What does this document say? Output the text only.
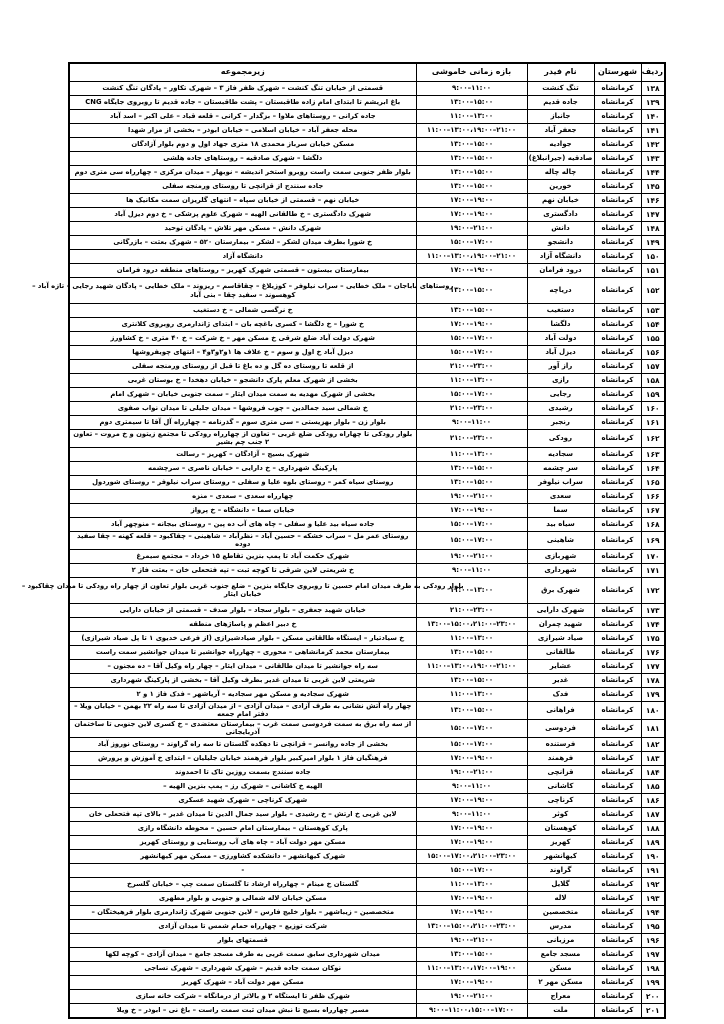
ردیف	شهرستان	نام فیدر	بازه زمانی خاموشی	زیرمجموعه
۱۳۸	کرمانشاه	تنگ کنشت	۹:۰۰–۱۱:۰۰	قسمتی از خیابان تنگ کنشت – شهرک ظفر فاز ۳ – شهرک تکاور – پادگان تنگ کنشت

۱۳۹	کرمانشاه	جاده قدیم	۱۳:۰۰–۱۵:۰۰	باغ ابریشم تا ابتدای امام زاده طاقبستان – پشت طاقبستان – جاده قدیم تا روبروی جایگاه CNG

۱۴۰	کرمانشاه	جانباز	۱۱:۰۰–۱۳:۰۰	جاده کرانی – روستاهای ملاوا – بزگدار – کرانی – قلعه قباد – علی اکبر – اسد آباد

۱۴۱	کرمانشاه	جعفر آباد	۱۱:۰۰–۱۳:۰۰،۱۹:۰۰–۲۱:۰۰	محله جعفر آباد – خیابان اسلامی – خیابان ابوذر – بخشی از مزار شهدا

۱۴۲	کرمانشاه	جوادیه	۱۳:۰۰–۱۵:۰۰	مسکن خیابان سرباز محمدی ۱۸ متری جهاد اول و دوم بلوار آزادگان

۱۴۳	کرمانشاه	صادقیه (جیرانبلاغ)	۱۳:۰۰–۱۵:۰۰	دلگشا – شهرک صادقیه – روستاهای جاده هلشی

۱۴۴	کرمانشاه	چاله چاله	۱۳:۰۰–۱۵:۰۰	بلوار ظفر جنوبی سمت راست روبرو استخر اندیشه – نوبهار – میدان مرکزی – چهارراه سی متری دوم

۱۴۵	کرمانشاه	خورین	۱۳:۰۰–۱۵:۰۰	جاده سنندج از قزانچی تا روستای ورمنجه سفلی

۱۴۶	کرمانشاه	خیابان نهم	۱۷:۰۰–۱۹:۰۰	خیابان نهم – قسمتی از خیابان سپاه – انتهای گلریزان سمت مکانیک ها

۱۴۷	کرمانشاه	دادگستری	۱۷:۰۰–۱۹:۰۰	شهرک دادگستری – خ طالقانی الهیه – شهرک علوم پزشکی – خ دوم دیزل آباد

۱۴۸	کرمانشاه	دانش	۱۹:۰۰–۲۱:۰۰	شهرک دانش – مسکن مهر تلاش – پادگان توحید

۱۴۹	کرمانشاه	دانشجو	۱۵:۰۰–۱۷:۰۰	خ شورا بطرف میدان لشکر – لشکر – بیمارستان ۵۲۰ – شهرک بعثت – بازرگانی

۱۵۰	کرمانشاه	دانشگاه آزاد	۱۱:۰۰–۱۳:۰۰،۱۹:۰۰–۲۱:۰۰	دانشگاه آزاد

۱۵۱	کرمانشاه	درود فرامان	۱۷:۰۰–۱۹:۰۰	بیمارستان بیستون – قسمتی شهرک کهریز – روستاهای منطقه درود فرامان

۱۵۲	کرمانشاه	دریاچه	۱۳:۰۰–۱۵:۰۰	روستاهای باباجان – ملک خطایی – سراب نیلوفر – کوزیلاغ – چقاقاسم – ریزوند – ملک خطایی – پادگان شهید رجایی – تازه آباد – کوهسوند – سفید چقا – بنی آباد

۱۵۳	کرمانشاه	دستغیب	۱۳:۰۰–۱۵:۰۰	خ نرگسی شمالی – خ دستغیب

۱۵۴	کرمانشاه	دلگشا	۱۷:۰۰–۱۹:۰۰	خ شورا – خ دلگشا – کسری باغچه بان – ابتدای ژاندارمری روبروی کلانتری

۱۵۵	کرمانشاه	دولت آباد	۱۵:۰۰–۱۷:۰۰	شهرک دولت آباد ضلع شرقی خ مسکن مهر – خ شرکت – خ ۴۰ متری – خ کشاورز

۱۵۶	کرمانشاه	دیزل آباد	۱۵:۰۰–۱۷:۰۰	دیزل آباد خ اول و سوم – خ علاف ها ۱و۲و۳و۴ – انتهای چوبفروشها

۱۵۷	کرمانشاه	راز آور	۲۱:۰۰–۲۳:۰۰	از قلعه تا روستای ده گل و ده باغ تا قبل از روستای ورمنجه سفلی

۱۵۸	کرمانشاه	رازی	۱۱:۰۰–۱۳:۰۰	بخشی از شهرک معلم پارک دانشجو – خیابان دهخدا – خ بوستان غربی

۱۵۹	کرمانشاه	رجایی	۱۵:۰۰–۱۷:۰۰	بخشی از شهرک مهدیه به سمت میدان ایثار – سمت جنوبی خیابان – شهرک امام

۱۶۰	کرمانشاه	رشیدی	۲۱:۰۰–۲۳:۰۰	خ شمالی سید جمالدین – چوب فروشها – میدان جلیلی تا میدان نواب صفوی

۱۶۱	کرمانشاه	رنجبر	۹:۰۰–۱۱:۰۰	بلوار زن – بلوار بهزیستی – سی متری سوم – گذرنامه – چهارراه آل آقا تا سیمتری دوم

۱۶۲	کرمانشاه	رودکی	۲۱:۰۰–۲۳:۰۰	بلوار رودکی تا چهاراه رودکی ضلع غربی – تعاون از چهارراه رودکی تا مجتمع زیتون و خ مروت – تعاون ۲ جنب چم بشیر

۱۶۳	کرمانشاه	سجادیه	۱۱:۰۰–۱۳:۰۰	شهرک بسیج – آزادگان – کهریز – رسالت

۱۶۴	کرمانشاه	سر چشمه	۱۳:۰۰–۱۵:۰۰	پارکینگ شهرداری – خ دارایی – خیابان ناصری – سرچشمه

۱۶۵	کرمانشاه	سراب نیلوفر	۱۳:۰۰–۱۵:۰۰	روستای سیاه کمر – روستای بلوه علیا و سفلی – روستای سراب نیلوفر – روستای شوردول

۱۶۶	کرمانشاه	سعدی	۱۹:۰۰–۲۱:۰۰	چهارراه سعدی – سعدی – منزه

۱۶۷	کرمانشاه	سما	۱۷:۰۰–۱۹:۰۰	خیابان سما – دانشگاه – خ پرواز

۱۶۸	کرمانشاه	سیاه بید	۱۵:۰۰–۱۷:۰۰	جاده سیاه بید علیا و سفلی – چاه های آب ده پین – روستای بیجانه – منوچهر آباد

۱۶۹	کرمانشاه	شاهینی	۱۵:۰۰–۱۷:۰۰	روستای عمر مل – سراب خشکه – حسین آباد – نظرآباد – شاهینی – چقاکبود – قلعه کهنه – چقا سفید دوده

۱۷۰	کرمانشاه	شهربازی	۱۹:۰۰–۲۱:۰۰	شهرک حکمت آباد تا پمپ بنزین تقاطع ۱۵ خرداد – مجتمع سیمرغ

۱۷۱	کرمانشاه	شهرداری	۹:۰۰–۱۱:۰۰	خ شریعتی لاین شرقی تا کوچه ثبت – تپه فتحعلی خان – بعثت فاز ۲

۱۷۲	کرمانشاه	شهرک برق	۱۱:۰۰–۱۳:۰۰	بلوار رودکی به طرف میدان امام حسین تا روبروی جایگاه بنزین – ضلع جنوب غربی بلوار تعاون از چهار راه رودکی تا میدان چقاکبود – خیابان ایثار

۱۷۳	کرمانشاه	شهرک دارایی	۲۱:۰۰–۲۳:۰۰	خیابان شهید جعفری – بلوار سجاد – بلوار صدف – قسمتی از خیابان دارایی

۱۷۴	کرمانشاه	شهید چمران	۱۳:۰۰–۱۵:۰۰،۲۱:۰۰–۲۳:۰۰	خ دبیر اعظم و پاساژهای منطقه

۱۷۵	کرمانشاه	صیاد شیرازی	۱۱:۰۰–۱۳:۰۰	خ سیادتیار – ایستگاه طالقانی مسکن – بلوار صیادشیرازی (از فرعی خدیوی ۱ تا پل صیاد شیرازی)

۱۷۶	کرمانشاه	طالقانی	۱۳:۰۰–۱۵:۰۰	بیمارستان محمد کرمانشاهی – محوری – چهارراه جوانشیر تا میدان جوانشیر سمت راست

۱۷۷	کرمانشاه	عشایر	۱۱:۰۰–۱۳:۰۰،۱۹:۰۰–۲۱:۰۰	سه راه جوانشیر تا میدان طالقانی – میدان ایثار – چهار راه وکیل آقا – ده مجنون –

۱۷۸	کرمانشاه	غدیر	۱۳:۰۰–۱۵:۰۰	شریعتی لاین غربی تا میدان غدیر بطرف وکیل آقا – بخشی از پارکینگ شهرداری

۱۷۹	کرمانشاه	فدک	۱۱:۰۰–۱۳:۰۰	شهرک سجادیه و مسکن مهر سجادیه – آریاشهر – فدک فاز ۱ و ۲

۱۸۰	کرمانشاه	فراهانی	۱۳:۰۰–۱۵:۰۰	چهار راه آتش نشانی به طرف آزادی – میدان آزادی – از میدان آزادی تا سه راه ۲۲ بهمن – خیابان ویلا – دفتر امام جمعه

۱۸۱	کرمانشاه	فردوسی	۱۵:۰۰–۱۷:۰۰	از سه راه برق به سمت فردوسی سمت غرب – بیمارستان معتضدی – خ کسری لاین جنوبی تا ساختمان آذربایجانی

۱۸۲	کرمانشاه	فرستنده	۱۵:۰۰–۱۷:۰۰	بخشی از جاده روانسر – قزانچی تا دهکده گلستان تا سه راه گراوند – روستای نوروز آباد

۱۸۳	کرمانشاه	فرهمند	۱۷:۰۰–۱۹:۰۰	فرهنگیان فاز ۱ بلوار امیرکبیر بلوار فرهمند خیابان جلیلیان – ابتدای خ آموزش و پرورش

۱۸۴	کرمانشاه	قزانچی	۱۹:۰۰–۲۱:۰۰	جاده سنندج بسمت روزین تاک تا احمدوند

۱۸۵	کرمانشاه	کاشانی	۹:۰۰–۱۱:۰۰	الهیه خ کاشانی – شهرک رز – پمپ بنزین الهیه –

۱۸۶	کرمانشاه	کرناچی	۱۷:۰۰–۱۹:۰۰	شهرک کرناچی – شهرک شهید عسکری

۱۸۷	کرمانشاه	کوثر	۹:۰۰–۱۱:۰۰	لاین غربی خ ارتش – خ رشیدی – بلوار سید جمال الدین تا میدان غدیر – بالای تپه فتحعلی خان

۱۸۸	کرمانشاه	کوهستان	۱۷:۰۰–۱۹:۰۰	پارک کوهستان – بیمارستان امام حسین – محوطه دانشگاه رازی

۱۸۹	کرمانشاه	کهریز	۱۷:۰۰–۱۹:۰۰	مسکن مهر دولت آباد – چاه های آب روستایی و روستای کهریز

۱۹۰	کرمانشاه	کیهانشهر	۱۵:۰۰–۱۷:۰۰،۲۱:۰۰–۲۳:۰۰	شهرک کیهانشهر – دانشکده کشاورزی – مسکن مهر کیهانشهر

۱۹۱	کرمانشاه	گراوند	۱۵:۰۰–۱۷:۰۰	-

۱۹۲	کرمانشاه	گلایل	۱۱:۰۰–۱۳:۰۰	گلستان خ مینام – چهارراه ارشاد تا گلستان سمت چپ – خیابان گلسرخ

۱۹۳	کرمانشاه	لاله	۱۷:۰۰–۱۹:۰۰	مسکن خیابان لاله شمالی و جنوبی و بلوار مطهری

۱۹۴	کرمانشاه	متخصصین	۱۷:۰۰–۱۹:۰۰	متخصصین – زیباشهر – بلوار خلیج فارس – لاین جنوبی شهرک ژاندارمری بلوار فرهیختگان –

۱۹۵	کرمانشاه	مدرس	۱۳:۰۰–۱۵:۰۰،۲۱:۰۰–۲۳:۰۰	شرکت توزیع – چهارراه حمام شمس تا میدان آزادی

۱۹۶	کرمانشاه	مرزبانی	۱۹:۰۰–۲۱:۰۰	قسمتهای بلوار

۱۹۷	کرمانشاه	مسجد جامع	۱۳:۰۰–۱۵:۰۰	میدان شهرداری سابق سمت غربی به طرف مسجد جامع – میدان آزادی – کوچه لکها

۱۹۸	کرمانشاه	مسکن	۱۱:۰۰–۱۳:۰۰،۱۷:۰۰–۱۹:۰۰	نوکان سمت جاده قدیم – شهرک شهرداری – شهرک نساجی

۱۹۹	کرمانشاه	مسکن مهر ۲	۱۷:۰۰–۱۹:۰۰	مسکن مهر دولت آباد – شهرک کهریز

۲۰۰	کرمانشاه	معراج	۱۹:۰۰–۲۱:۰۰	شهرک ظفر تا ایستگاه ۲ و بالاتر از درمانگاه – شرکت خانه سازی

۲۰۱	کرمانشاه	ملت	۹:۰۰–۱۱:۰۰،۱۵:۰۰–۱۷:۰۰	مسیر چهارراه بسیج تا نبش میدان ثبت سمت راست – باغ نی – ابوذر – خ ویلا
